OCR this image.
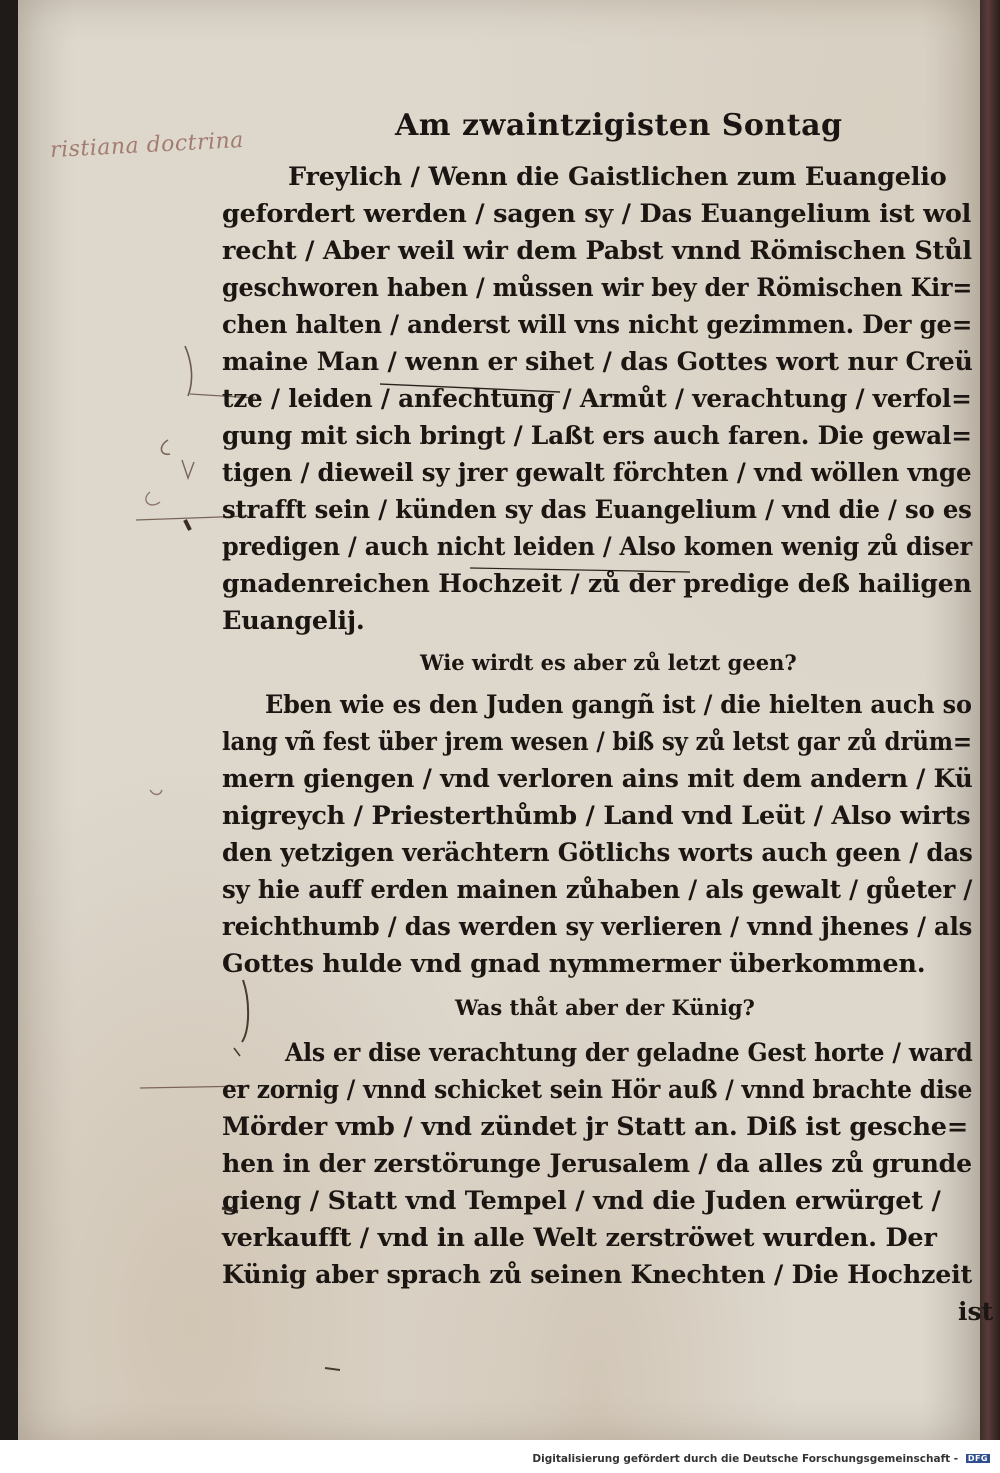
ristiana doctrina
Am zwaintzigisten Sontag
Freylich / Wenn die Gaistlichen zum Euangelio
gefordert werden / sagen sy / Das Euangelium ist wol
recht / Aber weil wir dem Pabst vnnd Römischen Stůl
geschworen haben / můssen wir bey der Römischen Kir=
chen halten / anderst will vns nicht gezimmen. Der ge=
maine Man / wenn er sihet / das Gottes wort nur Creü
tze / leiden / anfechtung / Armůt / verachtung / verfol=
gung mit sich bringt / Laßt ers auch faren. Die gewal=
tigen / dieweil sy jrer gewalt förchten / vnd wöllen vnge
strafft sein / künden sy das Euangelium / vnd die / so es
predigen / auch nicht leiden / Also komen wenig zů diser
gnadenreichen Hochzeit / zů der predige deß hailigen
Euangelij.
Wie wirdt es aber zů letzt geen?
Eben wie es den Juden gangñ ist / die hielten auch so
lang vñ fest über jrem wesen / biß sy zů letst gar zů drüm=
mern giengen / vnd verloren ains mit dem andern / Kü
nigreych / Priesterthůmb / Land vnd Leüt / Also wirts
den yetzigen verächtern Götlichs worts auch geen / das
sy hie auff erden mainen zůhaben / als gewalt / gůeter /
reichthumb / das werden sy verlieren / vnnd jhenes / als
Gottes hulde vnd gnad nymmermer überkommen.
Was thåt aber der Künig?
Als er dise verachtung der geladne Gest horte / ward
er zornig / vnnd schicket sein Hör auß / vnnd brachte dise
Mörder vmb / vnd zündet jr Statt an. Diß ist gesche=
hen in der zerstörunge Jerusalem / da alles zů grunde
gieng / Statt vnd Tempel / vnd die Juden erwürget /
verkaufft / vnd in alle Welt zerströwet wurden. Der
Künig aber sprach zů seinen Knechten / Die Hochzeit
ist
Digitalisierung gefördert durch die Deutsche Forschungsgemeinschaft - DFG
